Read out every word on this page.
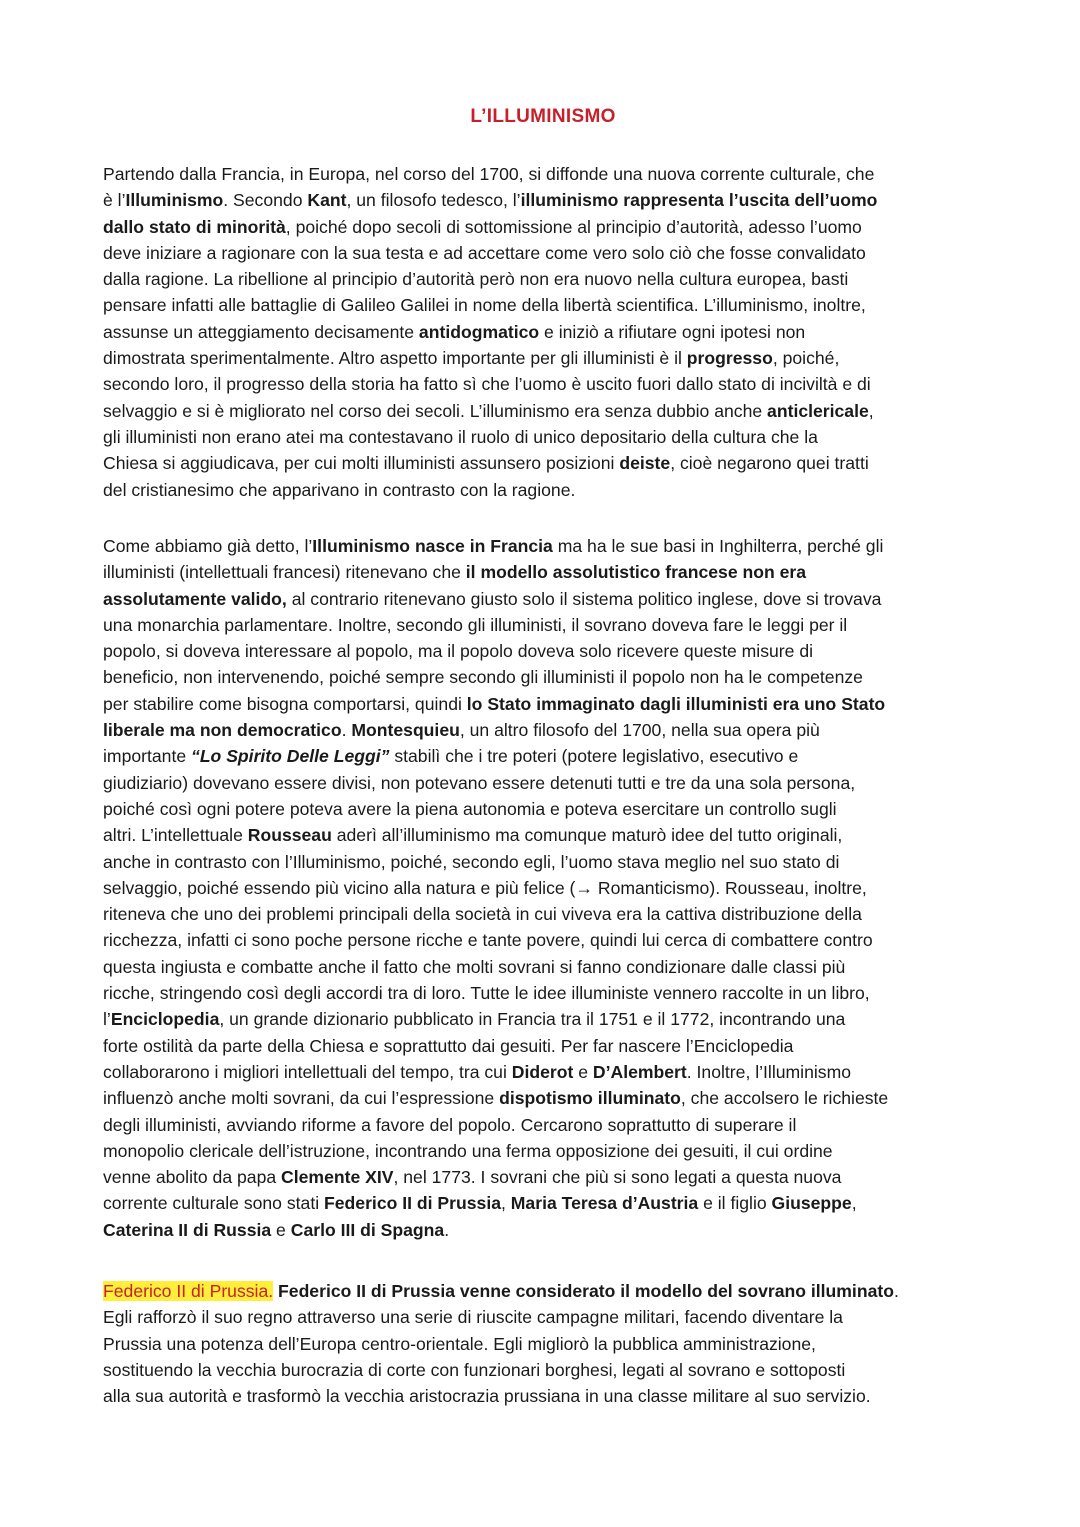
L’ILLUMINISMO
Partendo dalla Francia, in Europa, nel corso del 1700, si diffonde una nuova corrente culturale, che
è l’Illuminismo. Secondo Kant, un filosofo tedesco, l’illuminismo rappresenta l’uscita dell’uomo
dallo stato di minorità, poiché dopo secoli di sottomissione al principio d’autorità, adesso l’uomo
deve iniziare a ragionare con la sua testa e ad accettare come vero solo ciò che fosse convalidato
dalla ragione. La ribellione al principio d’autorità però non era nuovo nella cultura europea, basti
pensare infatti alle battaglie di Galileo Galilei in nome della libertà scientifica. L’illuminismo, inoltre,
assunse un atteggiamento decisamente antidogmatico e iniziò a rifiutare ogni ipotesi non
dimostrata sperimentalmente. Altro aspetto importante per gli illuministi è il progresso, poiché,
secondo loro, il progresso della storia ha fatto sì che l’uomo è uscito fuori dallo stato di inciviltà e di
selvaggio e si è migliorato nel corso dei secoli. L’illuminismo era senza dubbio anche anticlericale,
gli illuministi non erano atei ma contestavano il ruolo di unico depositario della cultura che la
Chiesa si aggiudicava, per cui molti illuministi assunsero posizioni deiste, cioè negarono quei tratti
del cristianesimo che apparivano in contrasto con la ragione.
Come abbiamo già detto, l’Illuminismo nasce in Francia ma ha le sue basi in Inghilterra, perché gli
illuministi (intellettuali francesi) ritenevano che il modello assolutistico francese non era
assolutamente valido, al contrario ritenevano giusto solo il sistema politico inglese, dove si trovava
una monarchia parlamentare. Inoltre, secondo gli illuministi, il sovrano doveva fare le leggi per il
popolo, si doveva interessare al popolo, ma il popolo doveva solo ricevere queste misure di
beneficio, non intervenendo, poiché sempre secondo gli illuministi il popolo non ha le competenze
per stabilire come bisogna comportarsi, quindi lo Stato immaginato dagli illuministi era uno Stato
liberale ma non democratico. Montesquieu, un altro filosofo del 1700, nella sua opera più
importante “Lo Spirito Delle Leggi” stabilì che i tre poteri (potere legislativo, esecutivo e
giudiziario) dovevano essere divisi, non potevano essere detenuti tutti e tre da una sola persona,
poiché così ogni potere poteva avere la piena autonomia e poteva esercitare un controllo sugli
altri. L’intellettuale Rousseau aderì all’illuminismo ma comunque maturò idee del tutto originali,
anche in contrasto con l’Illuminismo, poiché, secondo egli, l’uomo stava meglio nel suo stato di
selvaggio, poiché essendo più vicino alla natura e più felice (→ Romanticismo). Rousseau, inoltre,
riteneva che uno dei problemi principali della società in cui viveva era la cattiva distribuzione della
ricchezza, infatti ci sono poche persone ricche e tante povere, quindi lui cerca di combattere contro
questa ingiusta e combatte anche il fatto che molti sovrani si fanno condizionare dalle classi più
ricche, stringendo così degli accordi tra di loro. Tutte le idee illuministe vennero raccolte in un libro,
l’Enciclopedia, un grande dizionario pubblicato in Francia tra il 1751 e il 1772, incontrando una
forte ostilità da parte della Chiesa e soprattutto dai gesuiti. Per far nascere l’Enciclopedia
collaborarono i migliori intellettuali del tempo, tra cui Diderot e D’Alembert. Inoltre, l’Illuminismo
influenzò anche molti sovrani, da cui l’espressione dispotismo illuminato, che accolsero le richieste
degli illuministi, avviando riforme a favore del popolo. Cercarono soprattutto di superare il
monopolio clericale dell’istruzione, incontrando una ferma opposizione dei gesuiti, il cui ordine
venne abolito da papa Clemente XIV, nel 1773. I sovrani che più si sono legati a questa nuova
corrente culturale sono stati Federico II di Prussia, Maria Teresa d’Austria e il figlio Giuseppe,
Caterina II di Russia e Carlo III di Spagna.
Federico II di Prussia. Federico II di Prussia venne considerato il modello del sovrano illuminato.
Egli rafforzò il suo regno attraverso una serie di riuscite campagne militari, facendo diventare la
Prussia una potenza dell’Europa centro-orientale. Egli migliorò la pubblica amministrazione,
sostituendo la vecchia burocrazia di corte con funzionari borghesi, legati al sovrano e sottoposti
alla sua autorità e trasformò la vecchia aristocrazia prussiana in una classe militare al suo servizio.
